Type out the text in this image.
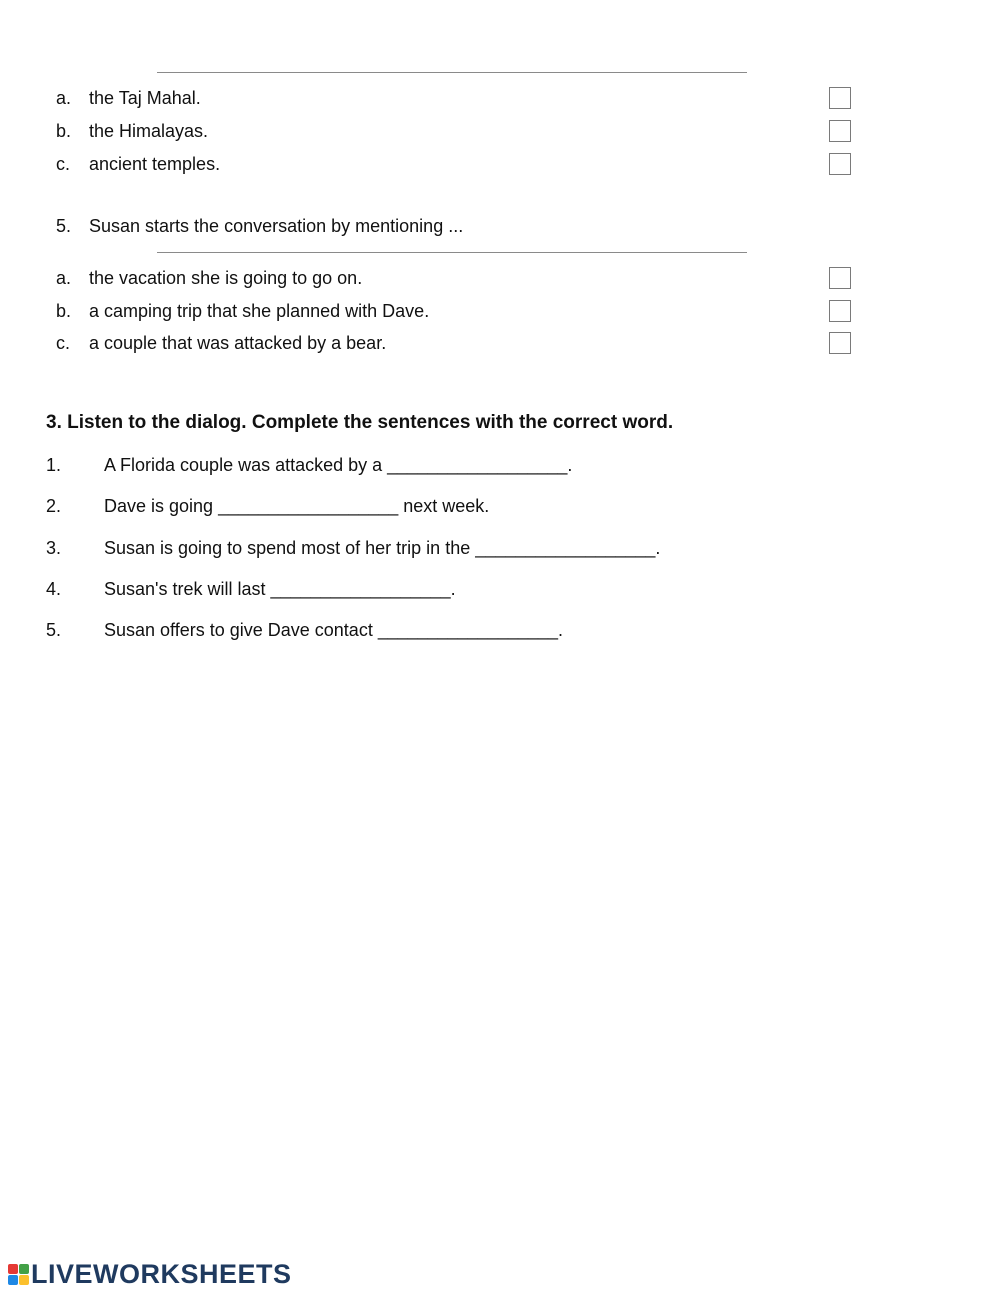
a. the Taj Mahal.
b. the Himalayas.
c. ancient temples.
5. Susan starts the conversation by mentioning ...
a. the vacation she is going to go on.
b. a camping trip that she planned with Dave.
c. a couple that was attacked by a bear.
3. Listen to the dialog. Complete the sentences with the correct word.
1. A Florida couple was attacked by a __________________.
2. Dave is going __________________ next week.
3. Susan is going to spend most of her trip in the __________________.
4. Susan's trek will last __________________.
5. Susan offers to give Dave contact __________________.
LIVEWORKSHEETS
